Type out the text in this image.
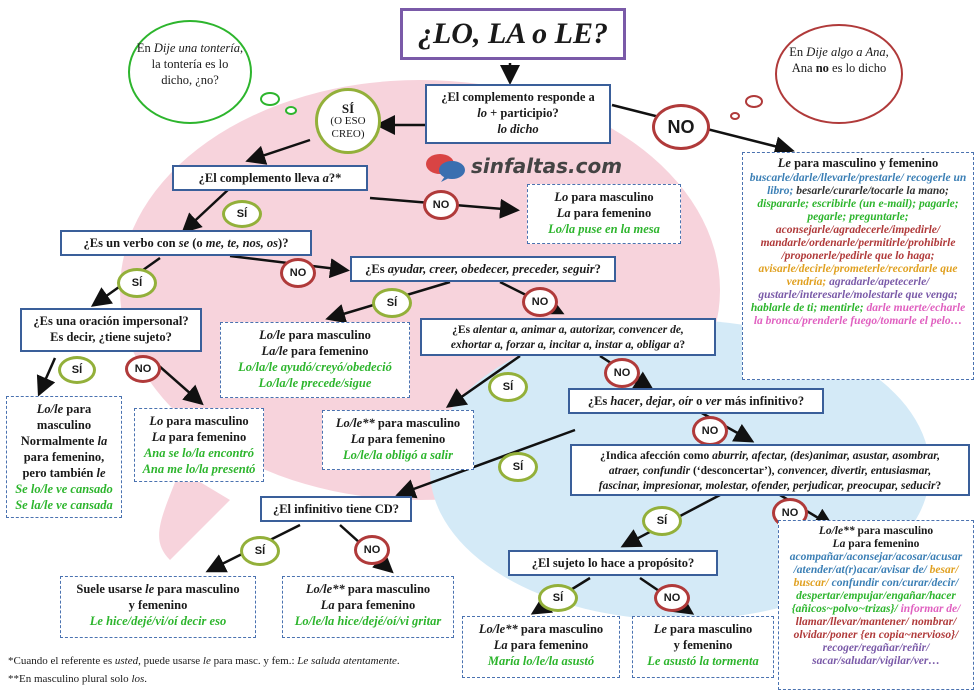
¿LO, LA o LE?
En Dije una tontería, la tontería es lo dicho, ¿no?
En Dije algo a Ana, Ana no es lo dicho
¿El complemento responde a
lo + participio?
lo dicho
SÍ
(O ESO CREO)	NO
sinfaltas.com	Le para masculino y femenino
buscarle/darle/llevarle/prestarle/ recogerle un libro; besarle/curarle/tocarle la mano; dispararle; escribirle (un e-mail); pagarle; pegarle; preguntarle; aconsejarle/agradecerle/impedirle/ mandarle/ordenarle/permitirle/prohibirle /proponerle/pedirle que lo haga; avisarle/decirle/prometerle/recordarle que vendría; agradarle/apetecerle/ gustarle/interesarle/molestarle que venga; hablarle de ti; mentirle; darle muerte/echarle la bronca/prenderle fuego/tomarle el pelo…
¿El complemento lleva a?*
SÍ
NO
Lo para masculino
La para femenino
Lo/la puse en la mesa
¿Es un verbo con se (o me, te, nos, os)?
SÍ
NO	¿Es ayudar, creer, obedecer, preceder, seguir?
SÍ	NO
¿Es una oración impersonal?
Es decir, ¿tiene sujeto?
SÍ	NO
Lo/le para masculino
La/le para femenino
Lo/la/le ayudó/creyó/obedeció
Lo/la/le precede/sigue
¿Es alentar a, animar a, autorizar, convencer de,
exhortar a, forzar a, incitar a, instar a, obligar a?
SÍ
NO
Lo/le para
masculino
Normalmente la
para femenino,
pero también le
Se lo/le ve cansado
Se la/le ve cansada
Lo para masculino
La para femenino
Ana se lo/la encontró
Ana me lo/la presentó
Lo/le** para masculino
La para femenino
Lo/le/la obligó a salir
¿Es hacer, dejar, oír o ver más infinitivo?
NO
SÍ
¿Indica afección como aburrir, afectar, (des)animar, asustar, asombrar,
atraer, confundir (‘desconcertar’), convencer, divertir, entusiasmar,
fascinar, impresionar, molestar, ofender, perjudicar, preocupar, seducir?
¿El infinitivo tiene CD?
SÍ	NO
SÍ
NO
Lo/le** para masculino
La para femenino
acompañar/aconsejar/acosar/acusar /atender/at(r)acar/avisar de/ besar/ buscar/ confundir con/curar/decir/ despertar/empujar/engañar/hacer {añicos~polvo~trizas}/ informar de/ llamar/llevar/mantener/ nombrar/ olvidar/poner {en copia~nervioso}/ recoger/regañar/reñir/ sacar/saludar/vigilar/ver…
¿El sujeto lo hace a propósito?
SÍ	NO
Suele usarse le para masculino
y femenino
Le hice/dejé/vi/oí decir eso
Lo/le** para masculino
La para femenino
Lo/le/la hice/dejé/oí/vi gritar
Lo/le** para masculino
La para femenino
María lo/le/la asustó
Le para masculino
y femenino
Le asustó la tormenta
*Cuando el referente es usted, puede usarse le para masc. y fem.: Le saluda atentamente.
**En masculino plural solo los.
